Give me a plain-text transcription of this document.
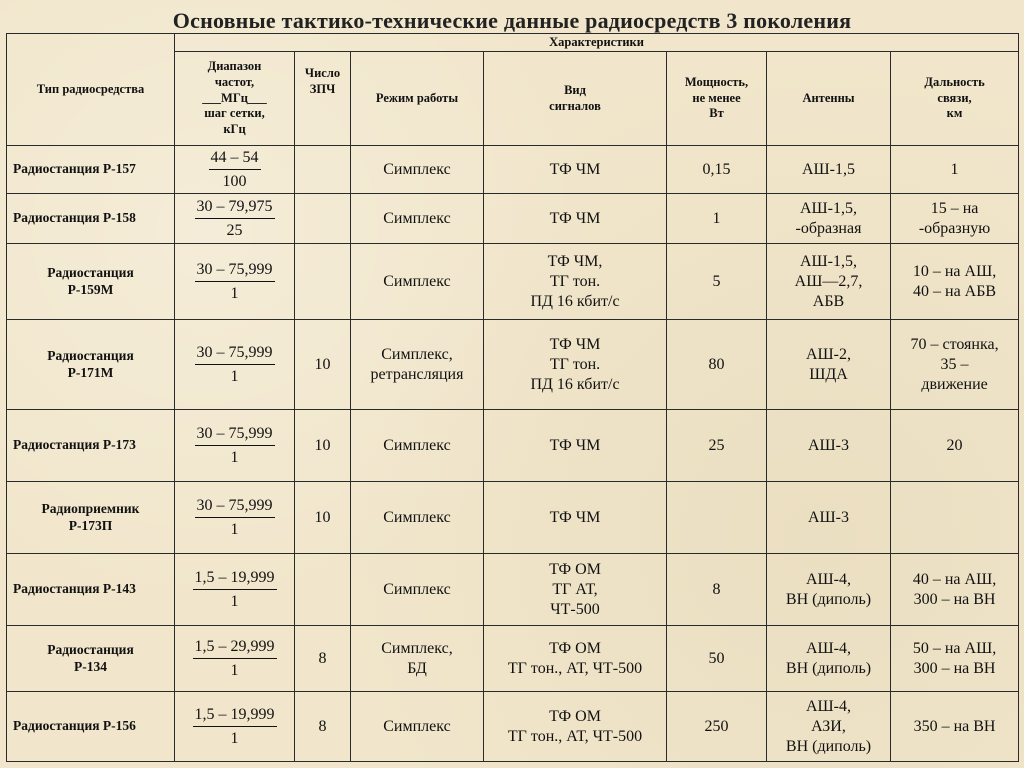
Основные тактико-технические данные радиосредств 3 поколения
Тип радиосредства	Характеристики						

	Диапазон
частот,
___МГц___
шаг сетки,
кГц	Число
ЗПЧ	Режим работы	Вид
сигналов	Мощность,
не менее
Вт	Антенны	Дальность
связи,
км

Радиостанция Р-157	44 – 54
100		Симплекс	ТФ ЧМ	0,15	АШ-1,5	1

Радиостанция Р-158	30 – 79,975
25		Симплекс	ТФ ЧМ	1	АШ-1,5,
-образная	15 – на
-образную

Радиостанция
Р-159М	30 – 75,999
1		Симплекс	ТФ ЧМ,
ТГ тон.
ПД 16 кбит/с	5	АШ-1,5,
АШ—2,7,
АБВ	10 – на АШ,
40 – на АБВ

Радиостанция
Р-171М	30 – 75,999
1	10	Симплекс,
ретрансляция	ТФ ЧМ
ТГ тон.
ПД 16 кбит/с	80	АШ-2,
ШДА	70 – стоянка,
35 –
движение

Радиостанция Р-173	30 – 75,999
1	10	Симплекс	ТФ ЧМ	25	АШ-3	20

Радиоприемник
Р-173П	30 – 75,999
1	10	Симплекс	ТФ ЧМ		АШ-3	

Радиостанция Р-143	1,5 – 19,999
1		Симплекс	ТФ ОМ
ТГ АТ,
ЧТ-500	8	АШ-4,
ВН (диполь)	40 – на АШ,
300 – на ВН

Радиостанция
Р-134	1,5 – 29,999
1	8	Симплекс,
БД	ТФ ОМ
ТГ тон., АТ, ЧТ-500	50	АШ-4,
ВН (диполь)	50 – на АШ,
300 – на ВН

Радиостанция Р-156	1,5 – 19,999
1	8	Симплекс	ТФ ОМ
ТГ тон., АТ, ЧТ-500	250	АШ-4,
АЗИ,
ВН (диполь)	350 – на ВН
